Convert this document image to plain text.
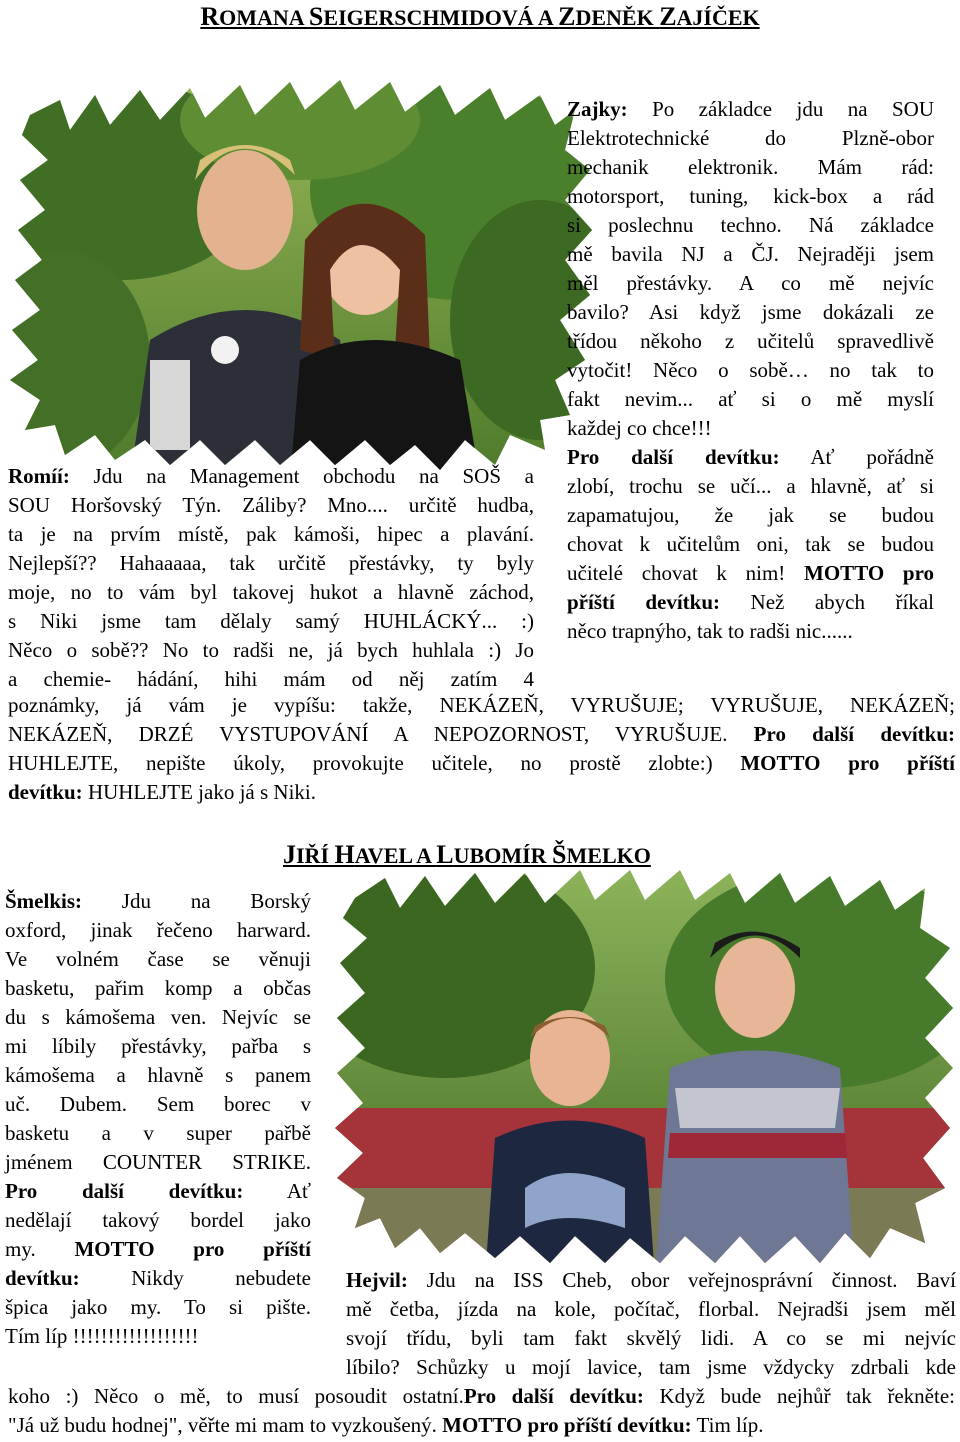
ROMANA SEIGERSCHMIDOVÁ A ZDENĚK ZAJÍČEK
Zajky: Po základce jdu na SOU
Elektrotechnické do Plzně-obor
mechanik elektronik. Mám rád:
motorsport, tuning, kick-box a rád
si poslechnu techno. Ná základce
mě bavila NJ a ČJ. Nejraději jsem
měl přestávky. A co mě nejvíc
bavilo? Asi když jsme dokázali ze
třídou někoho z učitelů spravedlivě
vytočit! Něco o sobě… no tak to
fakt nevim... ať si o mě myslí
každej co chce!!!
Pro další devítku: Ať pořádně
zlobí, trochu se učí... a hlavně, ať si
zapamatujou, že jak se budou
chovat k učitelům oni, tak se budou
učitelé chovat k nim! MOTTO pro
příští devítku: Než abych říkal
něco trapnýho, tak to radši nic......
Romíí: Jdu na Management obchodu na SOŠ a
SOU Horšovský Týn. Záliby? Mno.... určitě hudba,
ta je na prvím místě, pak kámoši, hipec a plavání.
Nejlepší?? Hahaaaaa, tak určitě přestávky, ty byly
moje, no to vám byl takovej hukot a hlavně záchod,
s Niki jsme tam dělaly samý HUHLÁCKÝ... :)
Něco o sobě?? No to radši ne, já bych huhlala :) Jo
a chemie- hádání, hihi mám od něj zatím 4
poznámky, já vám je vypíšu: takže, NEKÁZEŇ, VYRUŠUJE; VYRUŠUJE, NEKÁZEŇ;
NEKÁZEŇ, DRZÉ VYSTUPOVÁNÍ A NEPOZORNOST, VYRUŠUJE. Pro další devítku:
HUHLEJTE, nepište úkoly, provokujte učitele, no prostě zlobte:) MOTTO pro příští
devítku: HUHLEJTE jako já s Niki.
JIŘÍ HAVEL A LUBOMÍR ŠMELKO
Šmelkis: Jdu na Borský
oxford, jinak řečeno harward.
Ve volném čase se věnuji
basketu, pařim komp a občas
du s kámošema ven. Nejvíc se
mi líbily přestávky, pařba s
kámošema a hlavně s panem
uč. Dubem. Sem borec v
basketu a v super pařbě
jménem COUNTER STRIKE.
Pro další devítku: Ať
nedělají takový bordel jako
my. MOTTO pro příští
devítku: Nikdy nebudete
špica jako my. To si pište.
Tím líp !!!!!!!!!!!!!!!!!!
Hejvil: Jdu na ISS Cheb, obor veřejnosprávní činnost. Baví
mě četba, jízda na kole, počítač, florbal. Nejradši jsem měl
svojí třídu, byli tam fakt skvělý lidi. A co se mi nejvíc
líbilo? Schůzky u mojí lavice, tam jsme vždycky zdrbali kde
koho :) Něco o mě, to musí posoudit ostatní.Pro další devítku: Když bude nejhůř tak řekněte:
"Já už budu hodnej", věřte mi mam to vyzkoušený. MOTTO pro příští devítku: Tim líp.
